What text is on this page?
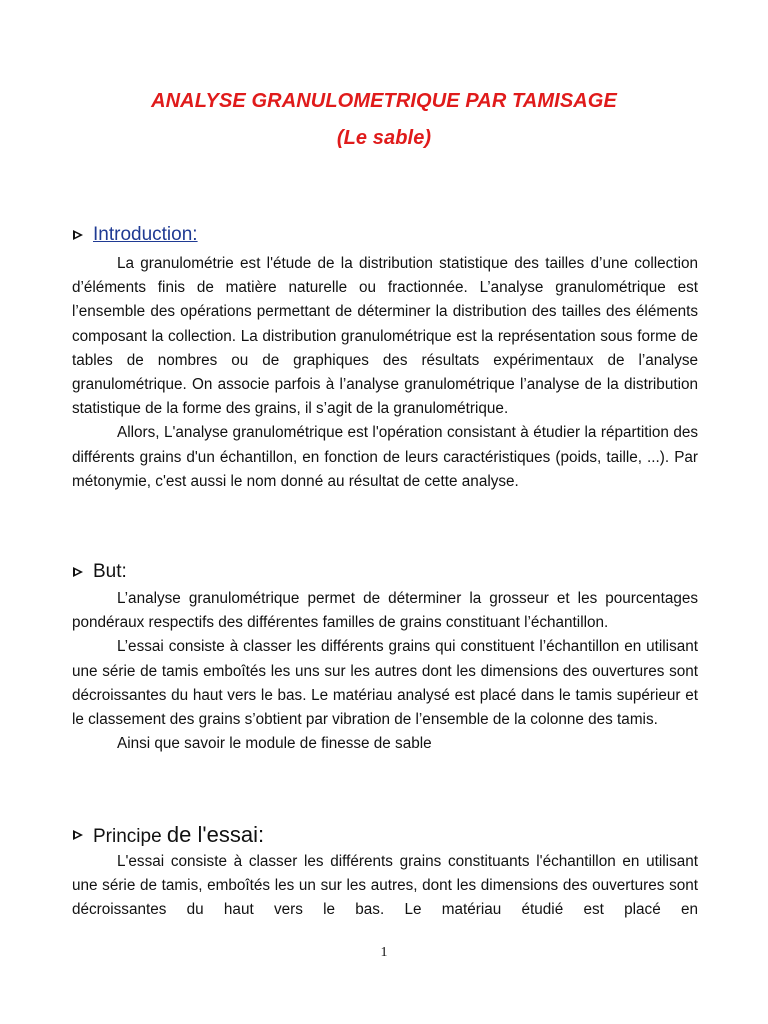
ANALYSE GRANULOMETRIQUE PAR TAMISAGE
(Le sable)
Introduction:

La granulométrie est l'étude de la distribution statistique des tailles d’une collection d’éléments finis de matière naturelle ou fractionnée. L’analyse granulométrique est l’ensemble des opérations permettant de déterminer la distribution des tailles des éléments composant la collection. La distribution granulométrique est la représentation sous forme de tables de nombres ou de graphiques des résultats expérimentaux de l’analyse granulométrique. On associe parfois à l’analyse granulométrique l’analyse de la distribution statistique de la forme des grains, il s’agit de la granulométrique.

Allors, L'analyse granulométrique est l'opération consistant à étudier la répartition des différents grains d'un échantillon, en fonction de leurs caractéristiques (poids, taille, ...). Par métonymie, c'est aussi le nom donné au résultat de cette analyse.

But:

L’analyse granulométrique permet de déterminer la grosseur et les pourcentages pondéraux respectifs des différentes familles de grains constituant l’échantillon.

L’essai consiste à classer les différents grains qui constituent l’échantillon en utilisant une série de tamis emboîtés les uns sur les autres dont les dimensions des ouvertures sont décroissantes du haut vers le bas. Le matériau analysé est placé dans le tamis supérieur et le classement des grains s’obtient par vibration de l’ensemble de la colonne des tamis.

Ainsi que savoir le module de finesse de sable

Principe de l'essai:

L'essai consiste à classer les différents grains constituants l'échantillon en utilisant une série de tamis, emboîtés les un sur les autres, dont les dimensions des ouvertures sont décroissantes du haut vers le bas. Le matériau étudié est placé en

1
